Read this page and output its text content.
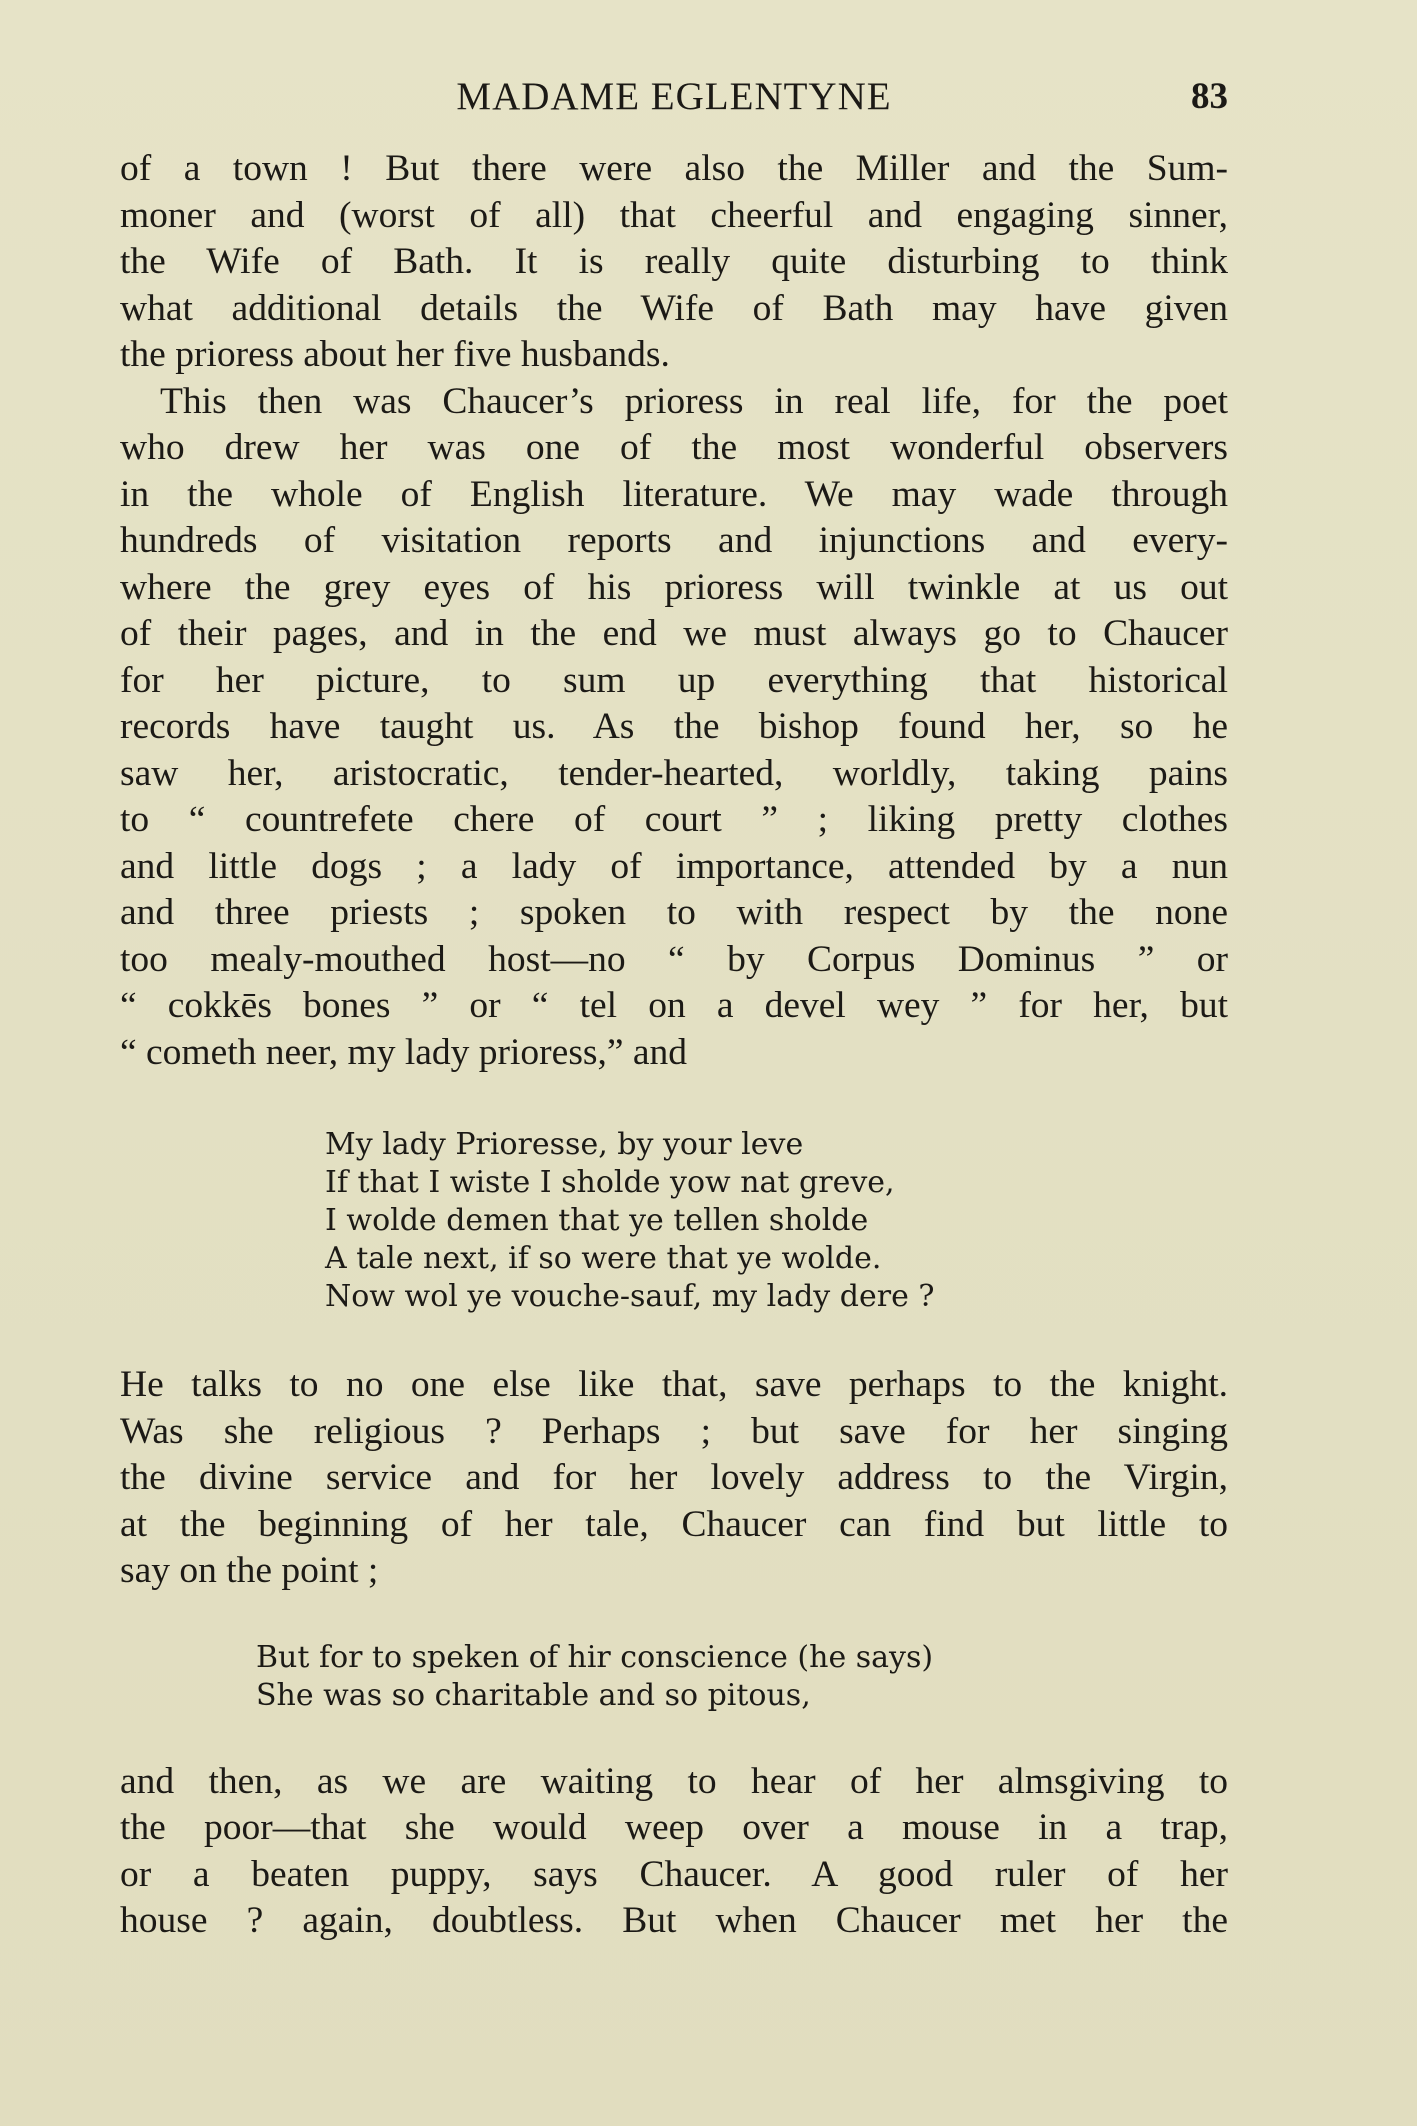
MADAME EGLENTYNE	83

of a town ! But there were also the Miller and the Sum-
moner and (worst of all) that cheerful and engaging sinner,
the Wife of Bath. It is really quite disturbing to think
what additional details the Wife of Bath may have given
the prioress about her five husbands.

This then was Chaucer’s prioress in real life, for the poet
who drew her was one of the most wonderful observers
in the whole of English literature. We may wade through
hundreds of visitation reports and injunctions and every-
where the grey eyes of his prioress will twinkle at us out
of their pages, and in the end we must always go to Chaucer
for her picture, to sum up everything that historical
records have taught us. As the bishop found her, so he
saw her, aristocratic, tender-hearted, worldly, taking pains
to “ countrefete chere of court ” ; liking pretty clothes
and little dogs ; a lady of importance, attended by a nun
and three priests ; spoken to with respect by the none
too mealy-mouthed host—no “ by Corpus Dominus ” or
“ cokkēs bones ” or “ tel on a devel wey ” for her, but
“ cometh neer, my lady prioress,” and

My lady Prioresse, by your leve
If that I wiste I sholde yow nat greve,
I wolde demen that ye tellen sholde
A tale next, if so were that ye wolde.
Now wol ye vouche-sauf, my lady dere ?

He talks to no one else like that, save perhaps to the knight.
Was she religious ? Perhaps ; but save for her singing
the divine service and for her lovely address to the Virgin,
at the beginning of her tale, Chaucer can find but little to
say on the point ;

But for to speken of hir conscience (he says)
She was so charitable and so pitous,

and then, as we are waiting to hear of her almsgiving to
the poor—that she would weep over a mouse in a trap,
or a beaten puppy, says Chaucer. A good ruler of her
house ? again, doubtless. But when Chaucer met her the
